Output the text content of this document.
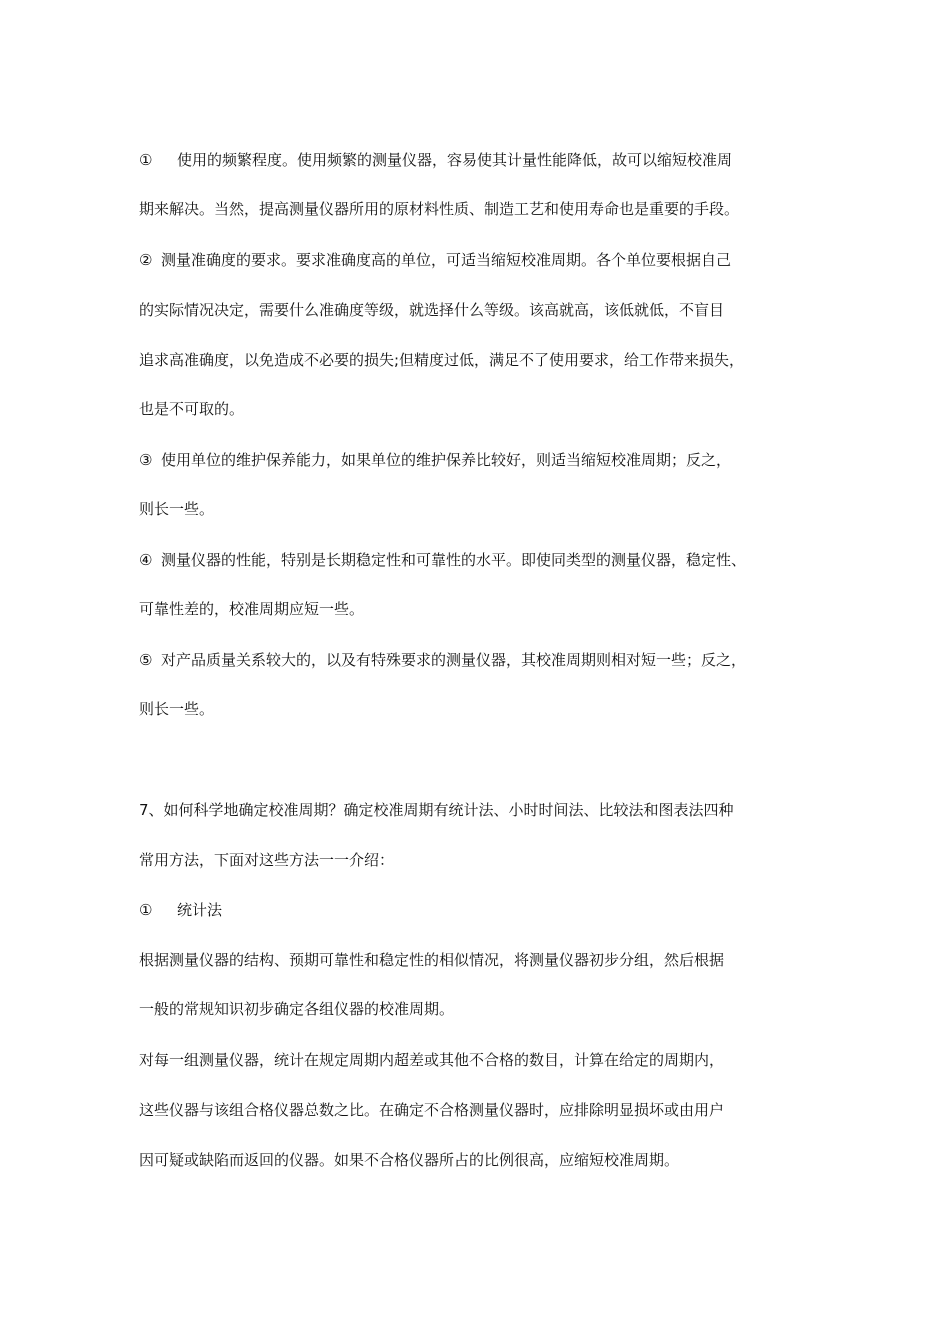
① 使用的频繁程度。使用频繁的测量仪器，容易使其计量性能降低，故可以缩短校准周
期来解决。当然，提高测量仪器所用的原材料性质、制造工艺和使用寿命也是重要的手段。
② 测量准确度的要求。要求准确度高的单位，可适当缩短校准周期。各个单位要根据自己
的实际情况决定，需要什么准确度等级，就选择什么等级。该高就高，该低就低，不盲目
追求高准确度，以免造成不必要的损失;但精度过低，满足不了使用要求，给工作带来损失，
也是不可取的。
③ 使用单位的维护保养能力，如果单位的维护保养比较好，则适当缩短校准周期；反之，
则长一些。
④ 测量仪器的性能，特别是长期稳定性和可靠性的水平。即使同类型的测量仪器，稳定性、
可靠性差的，校准周期应短一些。
⑤ 对产品质量关系较大的，以及有特殊要求的测量仪器，其校准周期则相对短一些；反之，
则长一些。
7、如何科学地确定校准周期？确定校准周期有统计法、小时时间法、比较法和图表法四种
常用方法，下面对这些方法一一介绍：
① 统计法
根据测量仪器的结构、预期可靠性和稳定性的相似情况，将测量仪器初步分组，然后根据
一般的常规知识初步确定各组仪器的校准周期。
对每一组测量仪器，统计在规定周期内超差或其他不合格的数目，计算在给定的周期内，
这些仪器与该组合格仪器总数之比。在确定不合格测量仪器时，应排除明显损坏或由用户
因可疑或缺陷而返回的仪器。如果不合格仪器所占的比例很高，应缩短校准周期。
